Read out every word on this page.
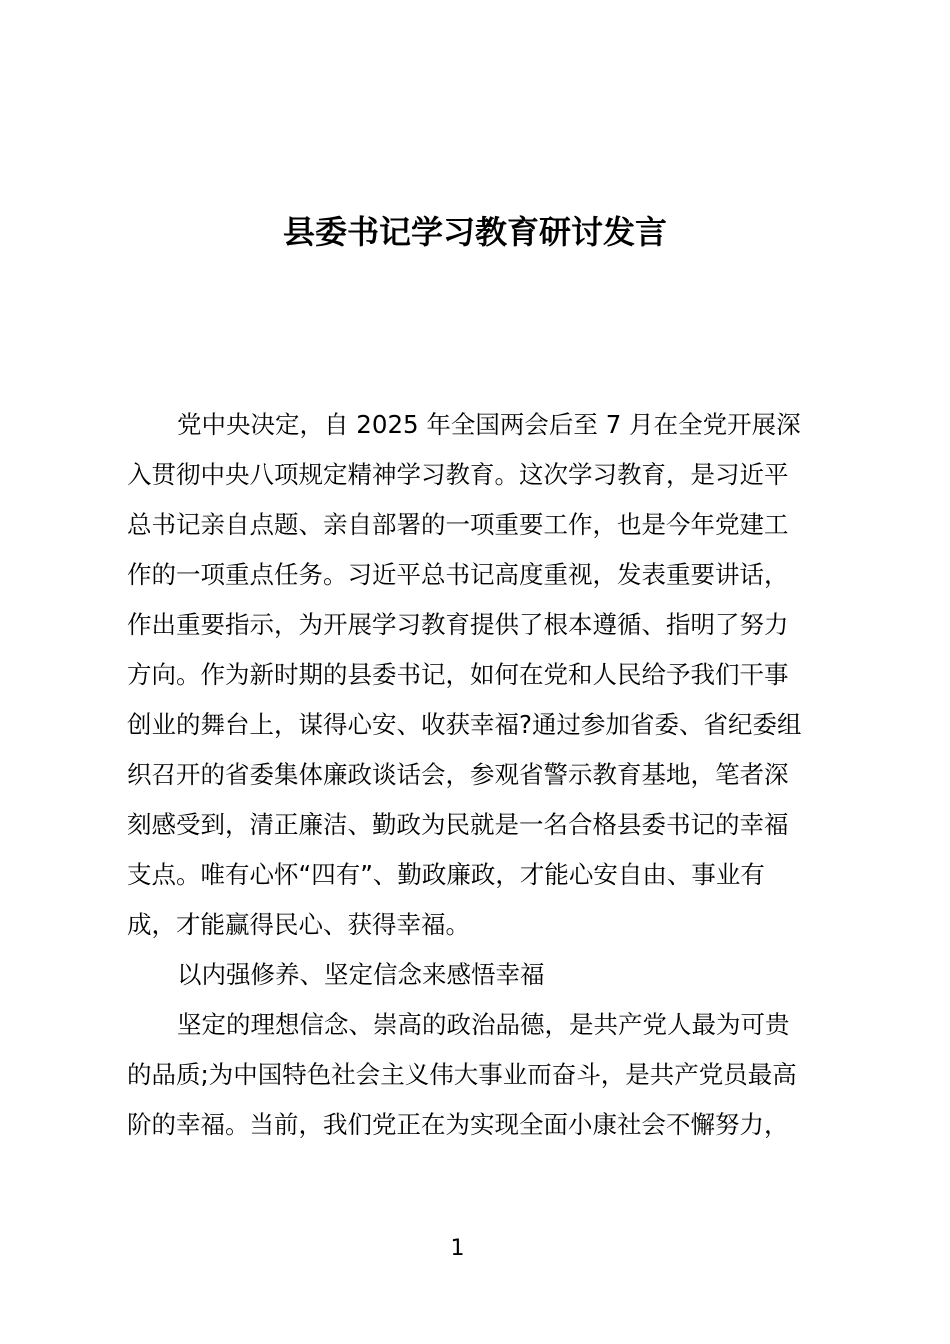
县委书记学习教育研讨发言
党中央决定，自 2025 年全国两会后至 7 月在全党开展深
入贯彻中央八项规定精神学习教育。这次学习教育，是习近平
总书记亲自点题、亲自部署的一项重要工作，也是今年党建工
作的一项重点任务。习近平总书记高度重视，发表重要讲话，
作出重要指示，为开展学习教育提供了根本遵循、指明了努力
方向。作为新时期的县委书记，如何在党和人民给予我们干事
创业的舞台上，谋得心安、收获幸福?通过参加省委、省纪委组
织召开的省委集体廉政谈话会，参观省警示教育基地，笔者深
刻感受到，清正廉洁、勤政为民就是一名合格县委书记的幸福
支点。唯有心怀“四有”、勤政廉政，才能心安自由、事业有
成，才能赢得民心、获得幸福。
以内强修养、坚定信念来感悟幸福
坚定的理想信念、崇高的政治品德，是共产党人最为可贵
的品质;为中国特色社会主义伟大事业而奋斗，是共产党员最高
阶的幸福。当前，我们党正在为实现全面小康社会不懈努力，
1
